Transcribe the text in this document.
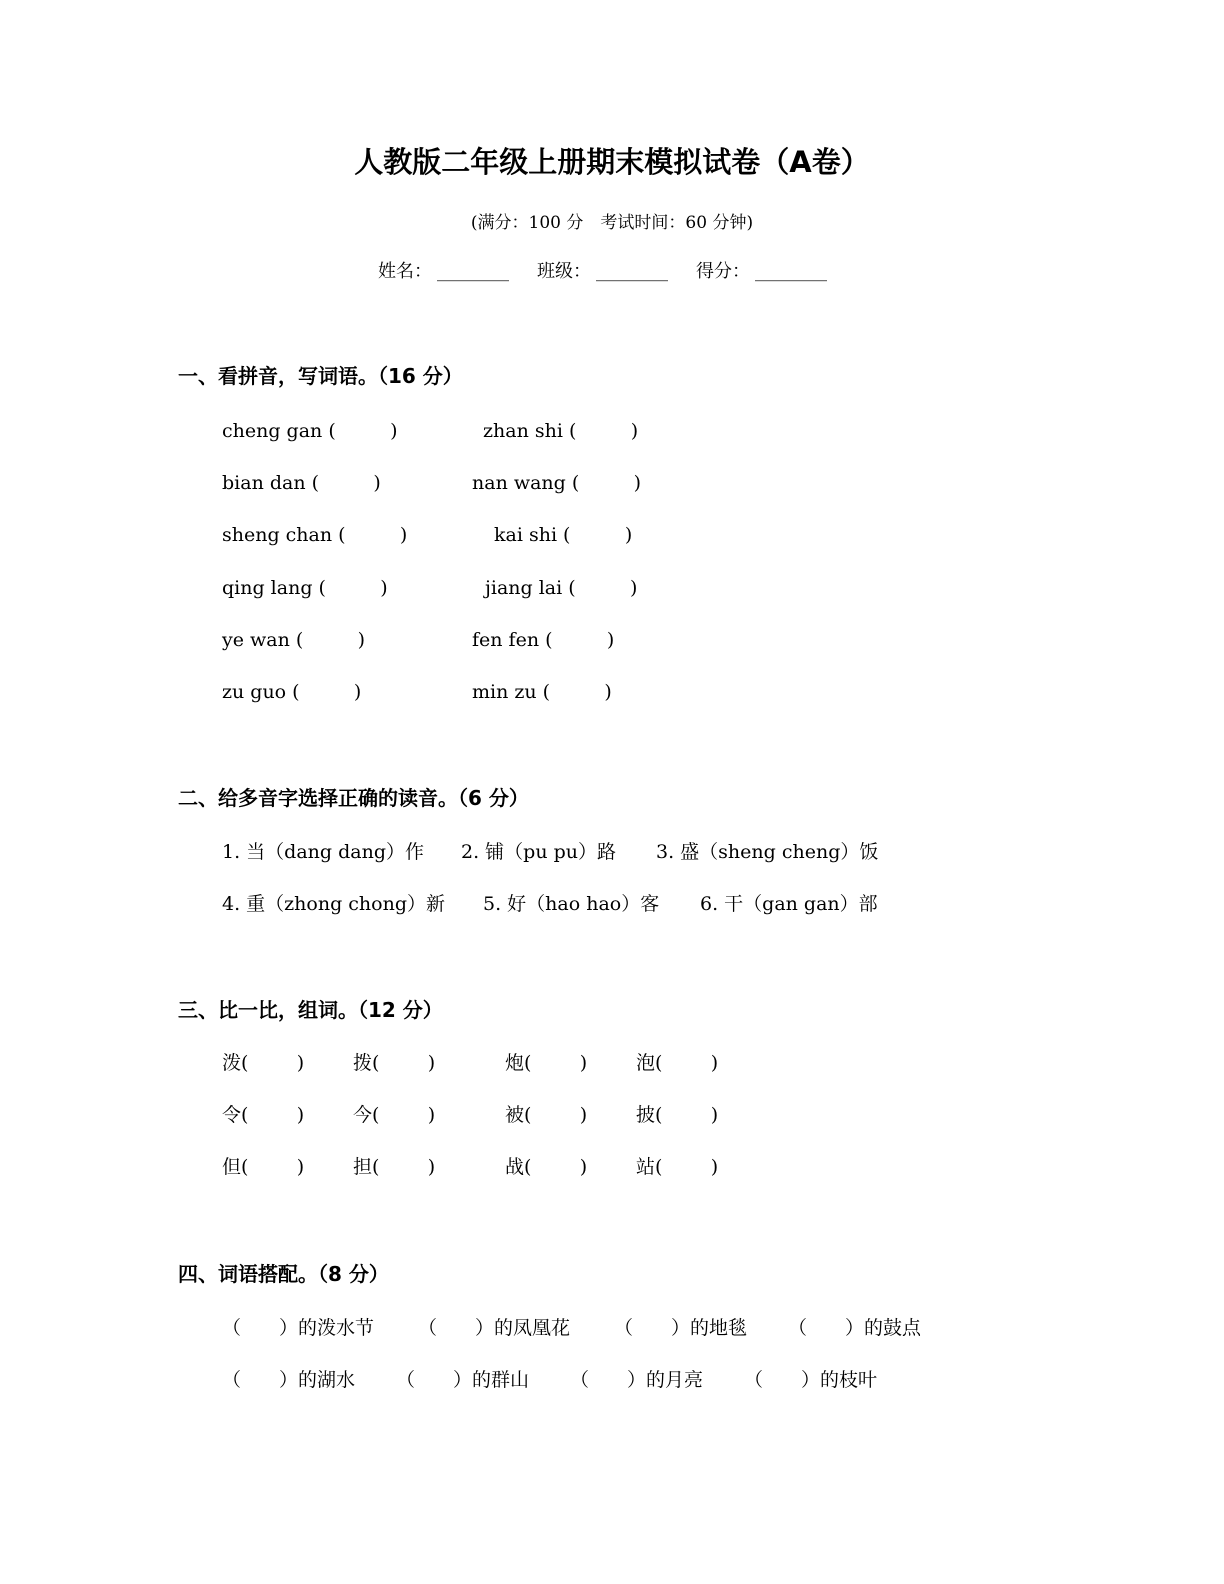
人教版二年级上册期末模拟试卷（A卷）
(满分：100 分　考试时间：60 分钟)
姓名： ________ 班级： ________ 得分： ________
一、看拼音，写词语。（16 分）
cheng gan (         )	zhan shi (         )
bian dan (         )	nan wang (         )
sheng chan (         )	kai shi (         )
qing lang (         )	jiang lai (         )
ye wan (         )	fen fen (         )
zu guo (         )	min zu (         )
二、给多音字选择正确的读音。（6 分）
1. 当（dang dang）作 2. 铺（pu pu）路 3. 盛（sheng cheng）饭
4. 重（zhong chong）新 5. 好（hao hao）客 6. 干（gan gan）部
三、比一比，组词。（12 分）
泼(        )	拨(        )	炮(        )	泡(        )
令(        )	今(        )	被(        )	披(        )
但(        )	担(        )	战(        )	站(        )
四、词语搭配。（8 分）
（　　）的泼水节 （　　）的凤凰花 （　　）的地毯 （　　）的鼓点
（　　）的湖水 （　　）的群山 （　　）的月亮 （　　）的枝叶
